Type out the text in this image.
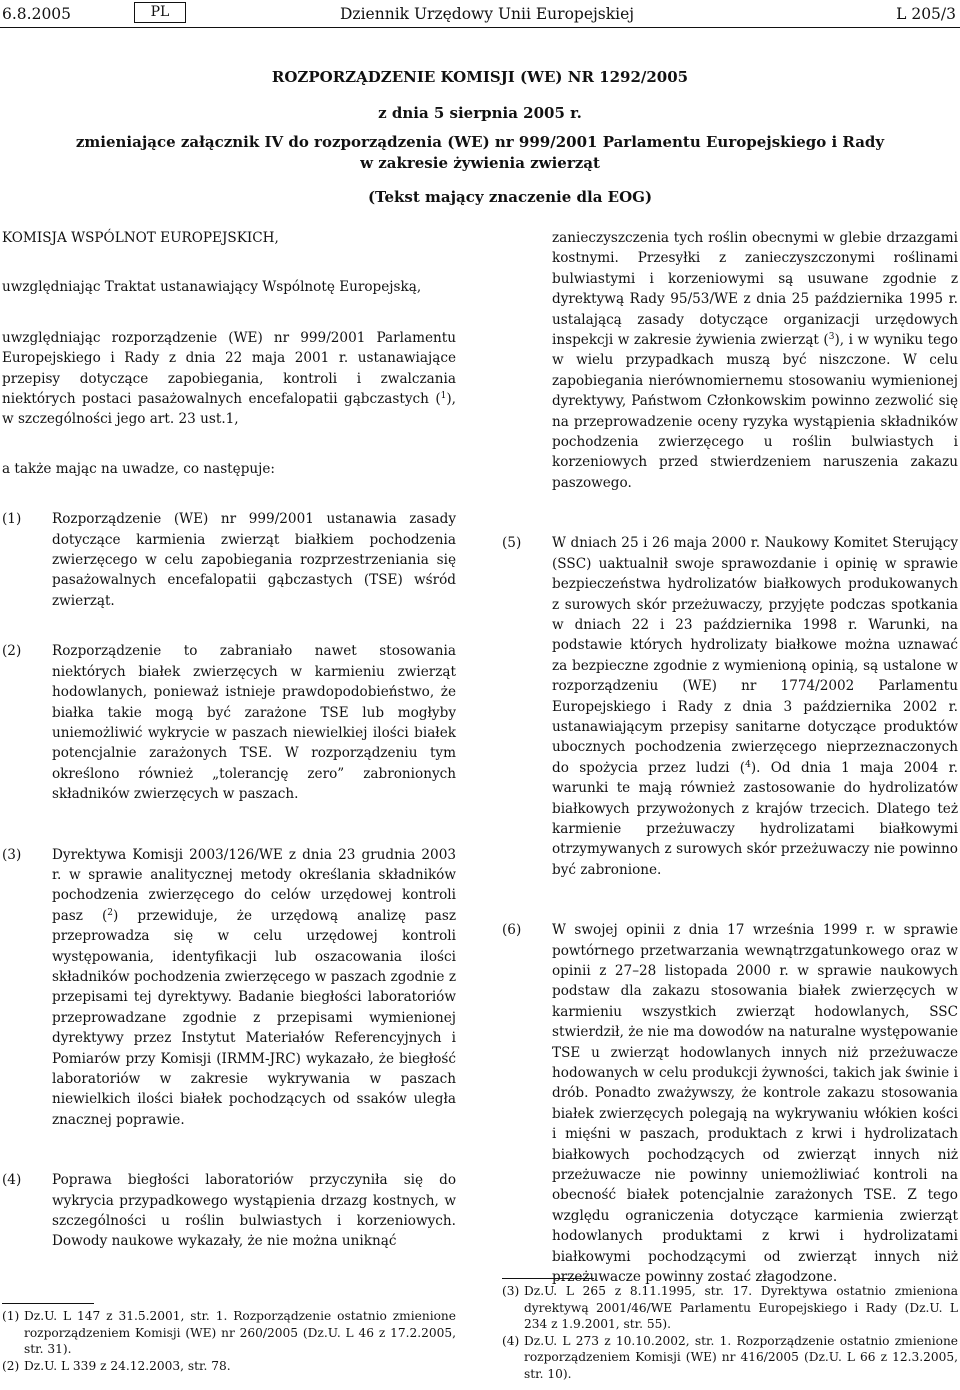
6.8.2005	PL	Dziennik Urzędowy Unii Europejskiej	L 205/3
ROZPORZĄDZENIE KOMISJI (WE) NR 1292/2005
z dnia 5 sierpnia 2005 r.
zmieniające załącznik IV do rozporządzenia (WE) nr 999/2001 Parlamentu Europejskiego i Rady
w zakresie żywienia zwierząt
(Tekst mający znaczenie dla EOG)

KOMISJA WSPÓLNOT EUROPEJSKICH,

uwzględniając Traktat ustanawiający Wspólnotę Europejską,

uwzględniając rozporządzenie (WE) nr 999/2001 Parlamentu Europejskiego i Rady z dnia 22 maja 2001 r. ustanawiające przepisy dotyczące zapobiegania, kontroli i zwalczania niektórych postaci pasażowalnych encefalopatii gąbczastych ($^1$), w szczególności jego art. 23 ust.1,

a także mając na uwadze, co następuje:

(1)	Rozporządzenie (WE) nr 999/2001 ustanawia zasady dotyczące karmienia zwierząt białkiem pochodzenia zwierzęcego w celu zapobiegania rozprzestrzeniania się pasażowalnych encefalopatii gąbczastych (TSE) wśród zwierząt.
(2)	Rozporządzenie to zabraniało nawet stosowania niektórych białek zwierzęcych w karmieniu zwierząt hodowlanych, ponieważ istnieje prawdopodobieństwo, że białka takie mogą być zarażone TSE lub mogłyby uniemożliwić wykrycie w paszach niewielkiej ilości białek potencjalnie zarażonych TSE. W rozporządzeniu tym określono również „tolerancję zero” zabronionych składników zwierzęcych w paszach.
(3)	Dyrektywa Komisji 2003/126/WE z dnia 23 grudnia 2003 r. w sprawie analitycznej metody określania składników pochodzenia zwierzęcego do celów urzędowej kontroli pasz ($^2$) przewiduje, że urzędową analizę pasz przeprowadza się w celu urzędowej kontroli występowania, identyfikacji lub oszacowania ilości składników pochodzenia zwierzęcego w paszach zgodnie z przepisami tej dyrektywy. Badanie biegłości laboratoriów przeprowadzane zgodnie z przepisami wymienionej dyrektywy przez Instytut Materiałów Referencyjnych i Pomiarów przy Komisji (IRMM-JRC) wykazało, że biegłość laboratoriów w zakresie wykrywania w paszach niewielkich ilości białek pochodzących od ssaków uległa znacznej poprawie.
(4)	Poprawa biegłości laboratoriów przyczyniła się do wykrycia przypadkowego wystąpienia drzazg kostnych, w szczególności u roślin bulwiastych i korzeniowych. Dowody naukowe wykazały, że nie można uniknąć
zanieczyszczenia tych roślin obecnymi w glebie drzazgami kostnymi. Przesyłki z zanieczyszczonymi roślinami bulwiastymi i korzeniowymi są usuwane zgodnie z dyrektywą Rady 95/53/WE z dnia 25 października 1995 r. ustalającą zasady dotyczące organizacji urzędowych inspekcji w zakresie żywienia zwierząt ($^3$), i w wyniku tego w wielu przypadkach muszą być niszczone. W celu zapobiegania nierównomiernemu stosowaniu wymienionej dyrektywy, Państwom Członkowskim powinno zezwolić się na przeprowadzenie oceny ryzyka wystąpienia składników pochodzenia zwierzęcego u roślin bulwiastych i korzeniowych przed stwierdzeniem naruszenia zakazu paszowego.
(5)	W dniach 25 i 26 maja 2000 r. Naukowy Komitet Sterujący (SSC) uaktualnił swoje sprawozdanie i opinię w sprawie bezpieczeństwa hydrolizatów białkowych produkowanych z surowych skór przeżuwaczy, przyjęte podczas spotkania w dniach 22 i 23 października 1998 r. Warunki, na podstawie których hydrolizaty białkowe można uznawać za bezpieczne zgodnie z wymienioną opinią, są ustalone w rozporządzeniu (WE) nr 1774/2002 Parlamentu Europejskiego i Rady z dnia 3 października 2002 r. ustanawiającym przepisy sanitarne dotyczące produktów ubocznych pochodzenia zwierzęcego nieprzeznaczonych do spożycia przez ludzi ($^4$). Od dnia 1 maja 2004 r. warunki te mają również zastosowanie do hydrolizatów białkowych przywożonych z krajów trzecich. Dlatego też karmienie przeżuwaczy hydrolizatami białkowymi otrzymywanych z surowych skór przeżuwaczy nie powinno być zabronione.
(6)	W swojej opinii z dnia 17 września 1999 r. w sprawie powtórnego przetwarzania wewnątrzgatunkowego oraz w opinii z 27–28 listopada 2000 r. w sprawie naukowych podstaw dla zakazu stosowania białek zwierzęcych w karmieniu wszystkich zwierząt hodowlanych, SSC stwierdził, że nie ma dowodów na naturalne występowanie TSE u zwierząt hodowlanych innych niż przeżuwacze hodowanych w celu produkcji żywności, takich jak świnie i drób. Ponadto zważywszy, że kontrole zakazu stosowania białek zwierzęcych polegają na wykrywaniu włókien kości i mięśni w paszach, produktach z krwi i hydrolizatach białkowych pochodzących od zwierząt innych niż przeżuwacze nie powinny uniemożliwiać kontroli na obecność białek potencjalnie zarażonych TSE. Z tego względu ograniczenia dotyczące karmienia zwierząt hodowlanych produktami z krwi i hydrolizatami białkowymi pochodzącymi od zwierząt innych niż przeżuwacze powinny zostać złagodzone.
(1) Dz.U. L 147 z 31.5.2001, str. 1. Rozporządzenie ostatnio zmienione rozporządzeniem Komisji (WE) nr 260/2005 (Dz.U. L 46 z 17.2.2005, str. 31).
(2) Dz.U. L 339 z 24.12.2003, str. 78.
(3) Dz.U. L 265 z 8.11.1995, str. 17. Dyrektywa ostatnio zmieniona dyrektywą 2001/46/WE Parlamentu Europejskiego i Rady (Dz.U. L 234 z 1.9.2001, str. 55).
(4) Dz.U. L 273 z 10.10.2002, str. 1. Rozporządzenie ostatnio zmienione rozporządzeniem Komisji (WE) nr 416/2005 (Dz.U. L 66 z 12.3.2005, str. 10).
